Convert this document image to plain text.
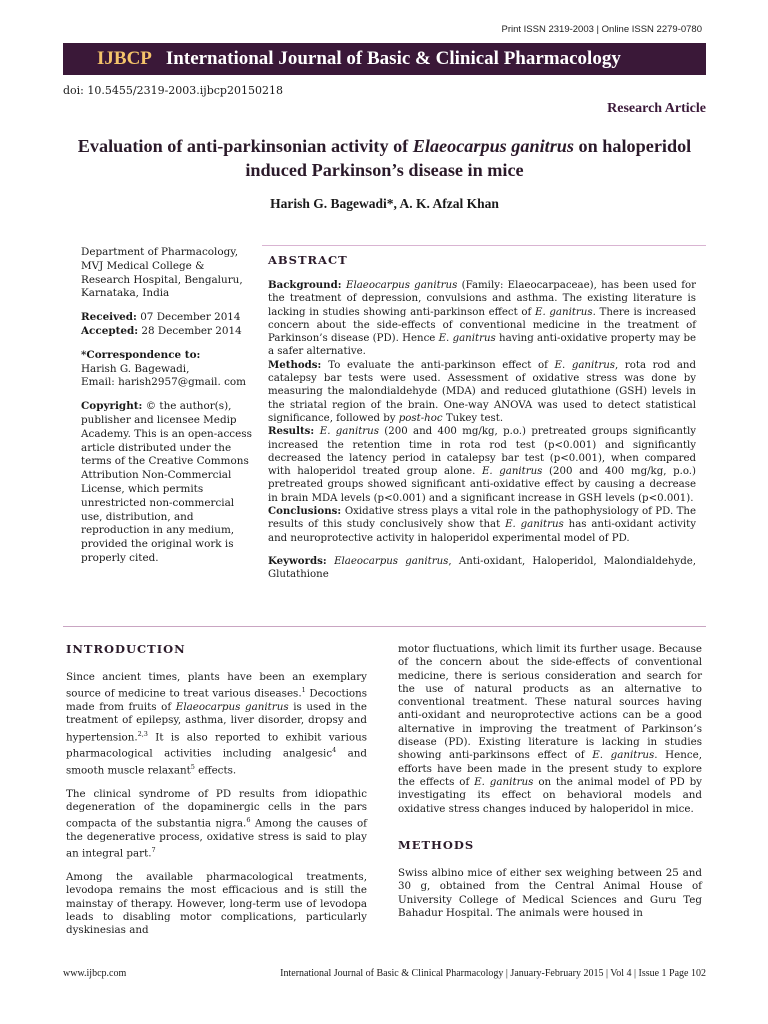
Print ISSN 2319-2003 | Online ISSN 2279-0780
IJBCP International Journal of Basic & Clinical Pharmacology
doi: 10.5455/2319-2003.ijbcp20150218
Research Article
Evaluation of anti-parkinsonian activity of Elaeocarpus ganitrus on haloperidol induced Parkinson’s disease in mice
Harish G. Bagewadi*, A. K. Afzal Khan

Department of Pharmacology, MVJ Medical College & Research Hospital, Bengaluru, Karnataka, India

Received: 07 December 2014
Accepted: 28 December 2014

*Correspondence to:
Harish G. Bagewadi,
Email: harish2957@gmail. com

Copyright: © the author(s), publisher and licensee Medip Academy. This is an open-access article distributed under the terms of the Creative Commons Attribution Non-Commercial License, which permits unrestricted non-commercial use, distribution, and reproduction in any medium, provided the original work is properly cited.

ABSTRACT

Background: Elaeocarpus ganitrus (Family: Elaeocarpaceae), has been used for the treatment of depression, convulsions and asthma. The existing literature is lacking in studies showing anti-parkinson effect of E. ganitrus. There is increased concern about the side-effects of conventional medicine in the treatment of Parkinson’s disease (PD). Hence E. ganitrus having anti-oxidative property may be a safer alternative.

Methods: To evaluate the anti-parkinson effect of E. ganitrus, rota rod and catalepsy bar tests were used. Assessment of oxidative stress was done by measuring the malondialdehyde (MDA) and reduced glutathione (GSH) levels in the striatal region of the brain. One-way ANOVA was used to detect statistical significance, followed by post-hoc Tukey test.

Results: E. ganitrus (200 and 400 mg/kg, p.o.) pretreated groups significantly increased the retention time in rota rod test (p<0.001) and significantly decreased the latency period in catalepsy bar test (p<0.001), when compared with haloperidol treated group alone. E. ganitrus (200 and 400 mg/kg, p.o.) pretreated groups showed significant anti-oxidative effect by causing a decrease in brain MDA levels (p<0.001) and a significant increase in GSH levels (p<0.001).

Conclusions: Oxidative stress plays a vital role in the pathophysiology of PD. The results of this study conclusively show that E. ganitrus has anti-oxidant activity and neuroprotective activity in haloperidol experimental model of PD.

Keywords: Elaeocarpus ganitrus, Anti-oxidant, Haloperidol, Malondialdehyde, Glutathione

INTRODUCTION

Since ancient times, plants have been an exemplary source of medicine to treat various diseases.$^1$ Decoctions made from fruits of Elaeocarpus ganitrus is used in the treatment of epilepsy, asthma, liver disorder, dropsy and hypertension.$^{2,3}$ It is also reported to exhibit various pharmacological activities including analgesic$^4$ and smooth muscle relaxant$^5$ effects.

The clinical syndrome of PD results from idiopathic degeneration of the dopaminergic cells in the pars compacta of the substantia nigra.$^6$ Among the causes of the degenerative process, oxidative stress is said to play an integral part.$^7$

Among the available pharmacological treatments, levodopa remains the most efficacious and is still the mainstay of therapy. However, long-term use of levodopa leads to disabling motor complications, particularly dyskinesias and

motor fluctuations, which limit its further usage. Because of the concern about the side-effects of conventional medicine, there is serious consideration and search for the use of natural products as an alternative to conventional treatment. These natural sources having anti-oxidant and neuroprotective actions can be a good alternative in improving the treatment of Parkinson’s disease (PD). Existing literature is lacking in studies showing anti-parkinsons effect of E. ganitrus. Hence, efforts have been made in the present study to explore the effects of E. ganitrus on the animal model of PD by investigating its effect on behavioral models and oxidative stress changes induced by haloperidol in mice.

METHODS
Swiss albino mice of either sex weighing between 25 and 30 g, obtained from the Central Animal House of University College of Medical Sciences and Guru Teg Bahadur Hospital. The animals were housed in
www.ijbcp.com	International Journal of Basic & Clinical Pharmacology | January-February 2015 | Vol 4 | Issue 1 Page 102
